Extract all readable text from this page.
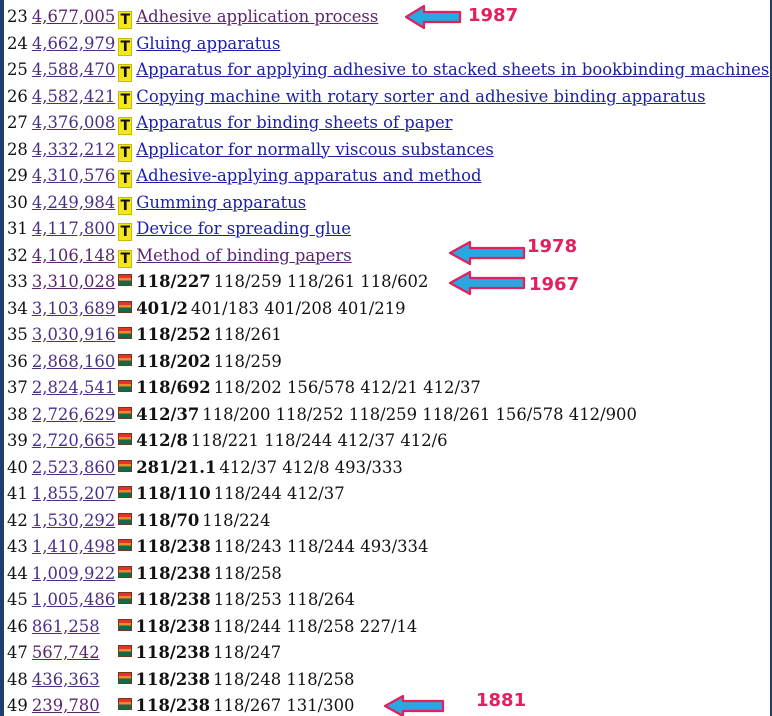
23 4,677,005 T Adhesive application process
24 4,662,979 T Gluing apparatus
25 4,588,470 T Apparatus for applying adhesive to stacked sheets in bookbinding machines
26 4,582,421 T Copying machine with rotary sorter and adhesive binding apparatus
27 4,376,008 T Apparatus for binding sheets of paper
28 4,332,212 T Applicator for normally viscous substances
29 4,310,576 T Adhesive-applying apparatus and method
30 4,249,984 T Gumming apparatus
31 4,117,800 T Device for spreading glue
32 4,106,148 T Method of binding papers
33 3,310,028 118/227 118/259 118/261 118/602
34 3,103,689 401/2 401/183 401/208 401/219
35 3,030,916 118/252 118/261
36 2,868,160 118/202 118/259
37 2,824,541 118/692 118/202 156/578 412/21 412/37
38 2,726,629 412/37 118/200 118/252 118/259 118/261 156/578 412/900
39 2,720,665 412/8 118/221 118/244 412/37 412/6
40 2,523,860 281/21.1 412/37 412/8 493/333
41 1,855,207 118/110 118/244 412/37
42 1,530,292 118/70 118/224
43 1,410,498 118/238 118/243 118/244 493/334
44 1,009,922 118/238 118/258
45 1,005,486 118/238 118/253 118/264
46 861,258 118/238 118/244 118/258 227/14
47 567,742 118/238 118/247
48 436,363 118/238 118/248 118/258
49 239,780 118/238 118/267 131/300
1987
1978
1967
1881
